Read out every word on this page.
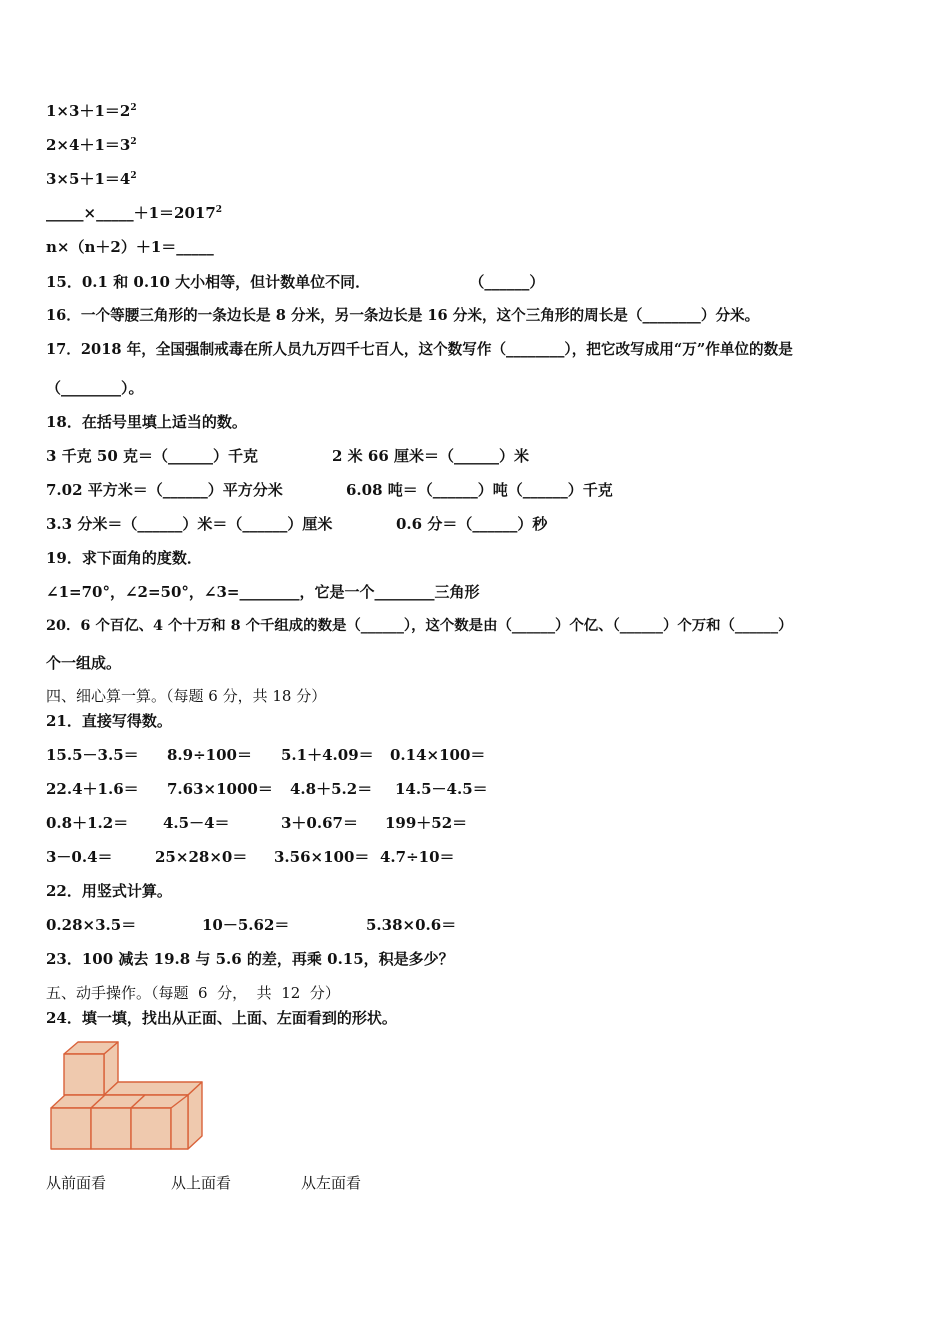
$1\times 3+1=2^2$
$2\times 4+1=3^2$
$3\times 5+1=4^2$
$\_\_\_\_\_\times\_\_\_\_\_+1=2017^2$
n×（n＋2）＋1＝_____
15．0.1 和 0.10 大小相等，但计数单位不同．                   （______）
16．一个等腰三角形的一条边长是 8 分米，另一条边长是 16 分米，这个三角形的周长是（________）分米。
17．2018 年，全国强制戒毒在所人员九万四千七百人，这个数写作（________），把它改写成用“万”作单位的数是
（________）。
18．在括号里填上适当的数。
3 千克 50 克＝（______）千克	2 米 66 厘米＝（______）米
7.02 平方米＝（______）平方分米	6.08 吨＝（______）吨（______）千克
3.3 分米＝（______）米＝（______）厘米	0.6 分＝（______）秒
19．求下面角的度数．
∠1=70°，∠2=50°，∠3=________，它是一个________三角形
20．6 个百亿、4 个十万和 8 个千组成的数是（______），这个数是由（______）个亿、（______）个万和（______）
个一组成。
四、细心算一算。（每题 6 分，共 18 分）
21．直接写得数。
15.5－3.5＝ 8.9÷100＝ 5.1＋4.09＝ 0.14×100＝
22.4＋1.6＝ 7.63×1000＝ 4.8＋5.2＝ 14.5－4.5＝
0.8＋1.2＝ 4.5－4＝	3＋0.67＝ 199＋52＝
3－0.4＝	25×28×0＝ 3.56×100＝ 4.7÷10＝
22．用竖式计算。
0.28×3.5＝	10－5.62＝	5.38×0.6＝
23．100 减去 19.8 与 5.6 的差，再乘 0.15，积是多少？
五、动手操作。（每题  6  分，  共  12  分）
24．填一填，找出从正面、上面、左面看到的形状。
从前面看	从上面看	从左面看
